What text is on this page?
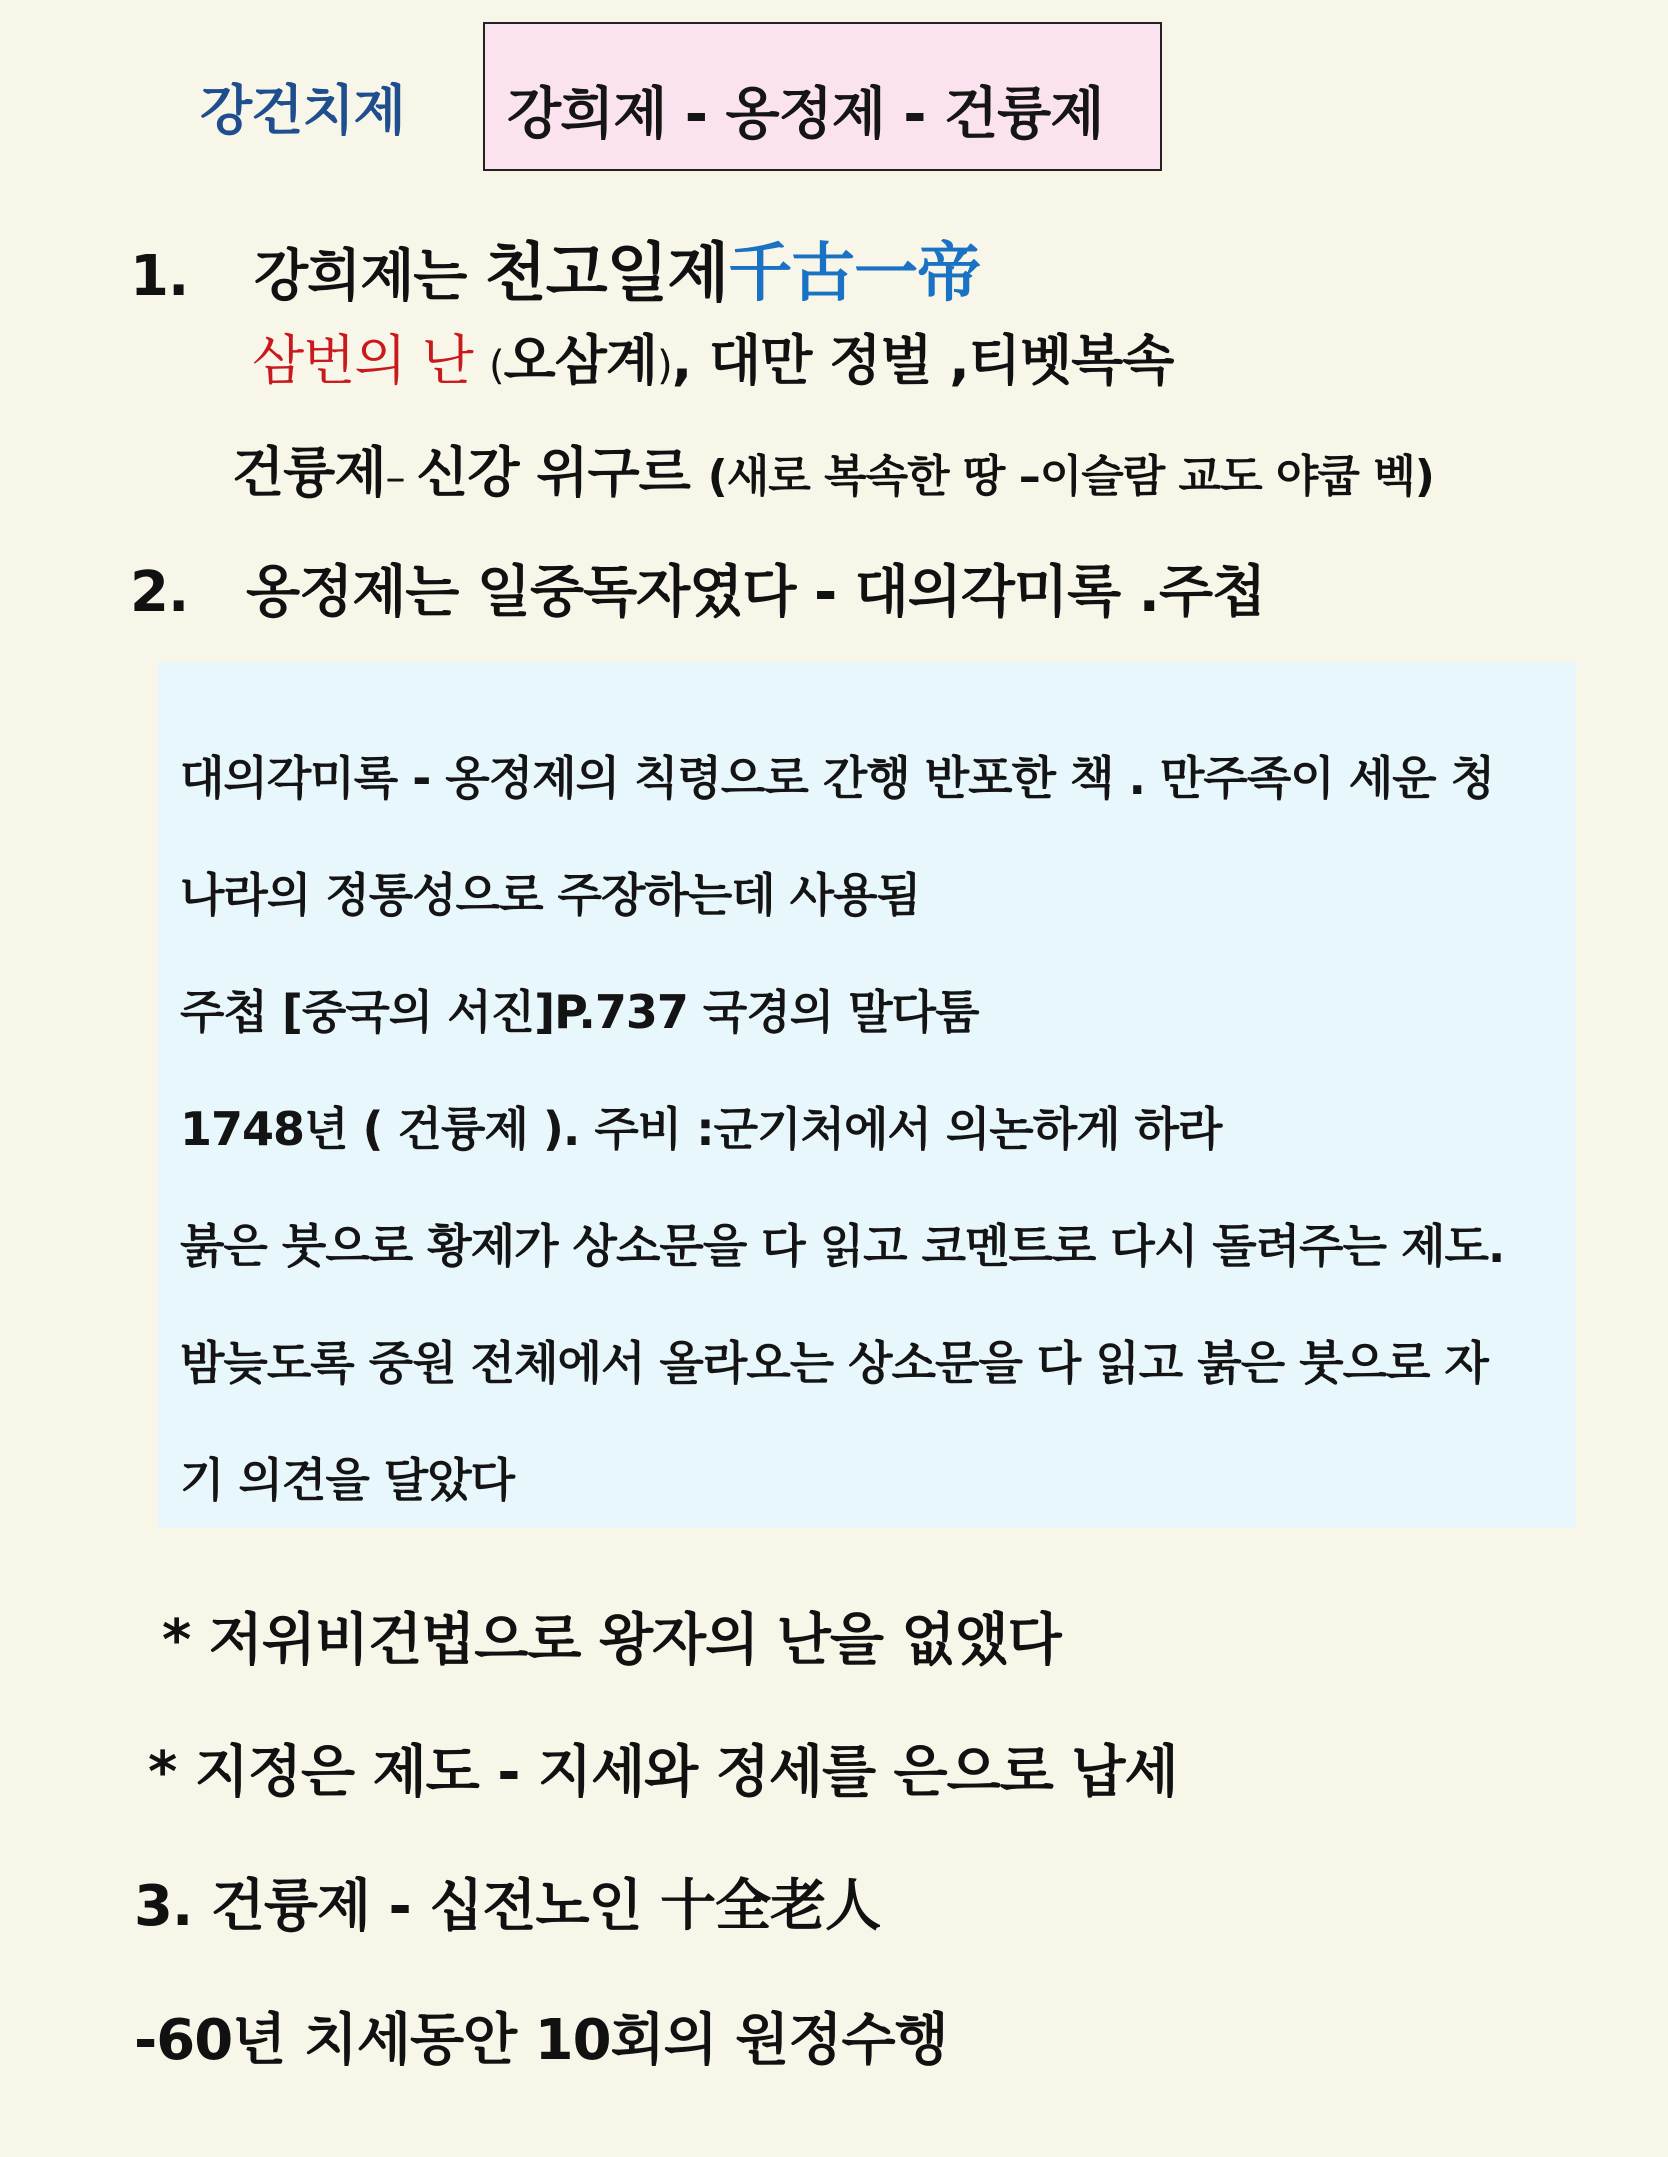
강건치제 강희제 - 옹정제 - 건륭제
1. 강희제는 천고일제千古一帝
삼번의 난 (오삼계), 대만 정벌 ,티벳복속
건륭제– 신강 위구르 (새로 복속한 땅 –이슬람 교도 야쿱 벡)
2. 옹정제는 일중독자였다 - 대의각미록 .주첩
대의각미록 - 옹정제의 칙령으로 간행 반포한 책 . 만주족이 세운 청
나라의 정통성으로 주장하는데 사용됨
주첩 [중국의 서진]P.737 국경의 말다툼
1748년 ( 건륭제 ). 주비 :군기처에서 의논하게 하라
붉은 붓으로 황제가 상소문을 다 읽고 코멘트로 다시 돌려주는 제도.
밤늦도록 중원 전체에서 올라오는 상소문을 다 읽고 붉은 붓으로 자
기 의견을 달았다
* 저위비건법으로 왕자의 난을 없앴다
* 지정은 제도 - 지세와 정세를 은으로 납세
3. 건륭제 - 십전노인 十全老人
-60년 치세동안 10회의 원정수행
